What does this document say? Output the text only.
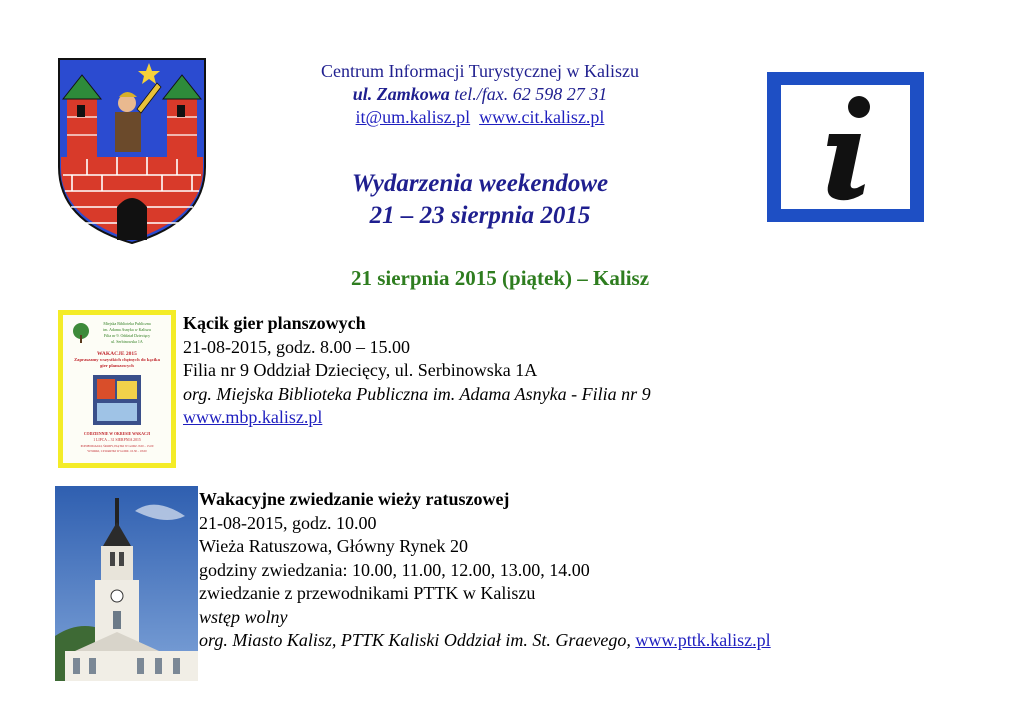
Centrum Informacji Turystycznej w Kaliszu
ul. Zamkowa tel./fax. 62 598 27 31
it@um.kalisz.pl www.cit.kalisz.pl
Wydarzenia weekendowe
21 – 23 sierpnia 2015
21 sierpnia 2015 (piątek) – Kalisz
Miejska Biblioteka Publiczna
im. Adama Asnyka w Kaliszu
Filia nr 9. Oddział Dziecięcy
ul. Serbinowska 1A
WAKACJE 2015
Zapraszamy wszystkich chętnych do kącika gier planszowych
CODZIENNIE W OKRESIE WAKACJI
1 LIPCA – 31 SIERPNIA 2015
PONIEDZIAŁKI, ŚRODY, PIĄTKI W GODZ. 8.00 – 15.00
WTORKI, CZWARTKI W GODZ. 10.30 – 18.00
Kącik gier planszowych
21-08-2015, godz. 8.00 – 15.00
Filia nr 9 Oddział Dziecięcy, ul. Serbinowska 1A
org. Miejska Biblioteka Publiczna im. Adama Asnyka - Filia nr 9
www.mbp.kalisz.pl
Wakacyjne zwiedzanie wieży ratuszowej
21-08-2015, godz. 10.00
Wieża Ratuszowa, Główny Rynek 20
godziny zwiedzania: 10.00, 11.00, 12.00, 13.00, 14.00
zwiedzanie z przewodnikami PTTK w Kaliszu
wstęp wolny
org. Miasto Kalisz, PTTK Kaliski Oddział im. St. Graevego, www.pttk.kalisz.pl
